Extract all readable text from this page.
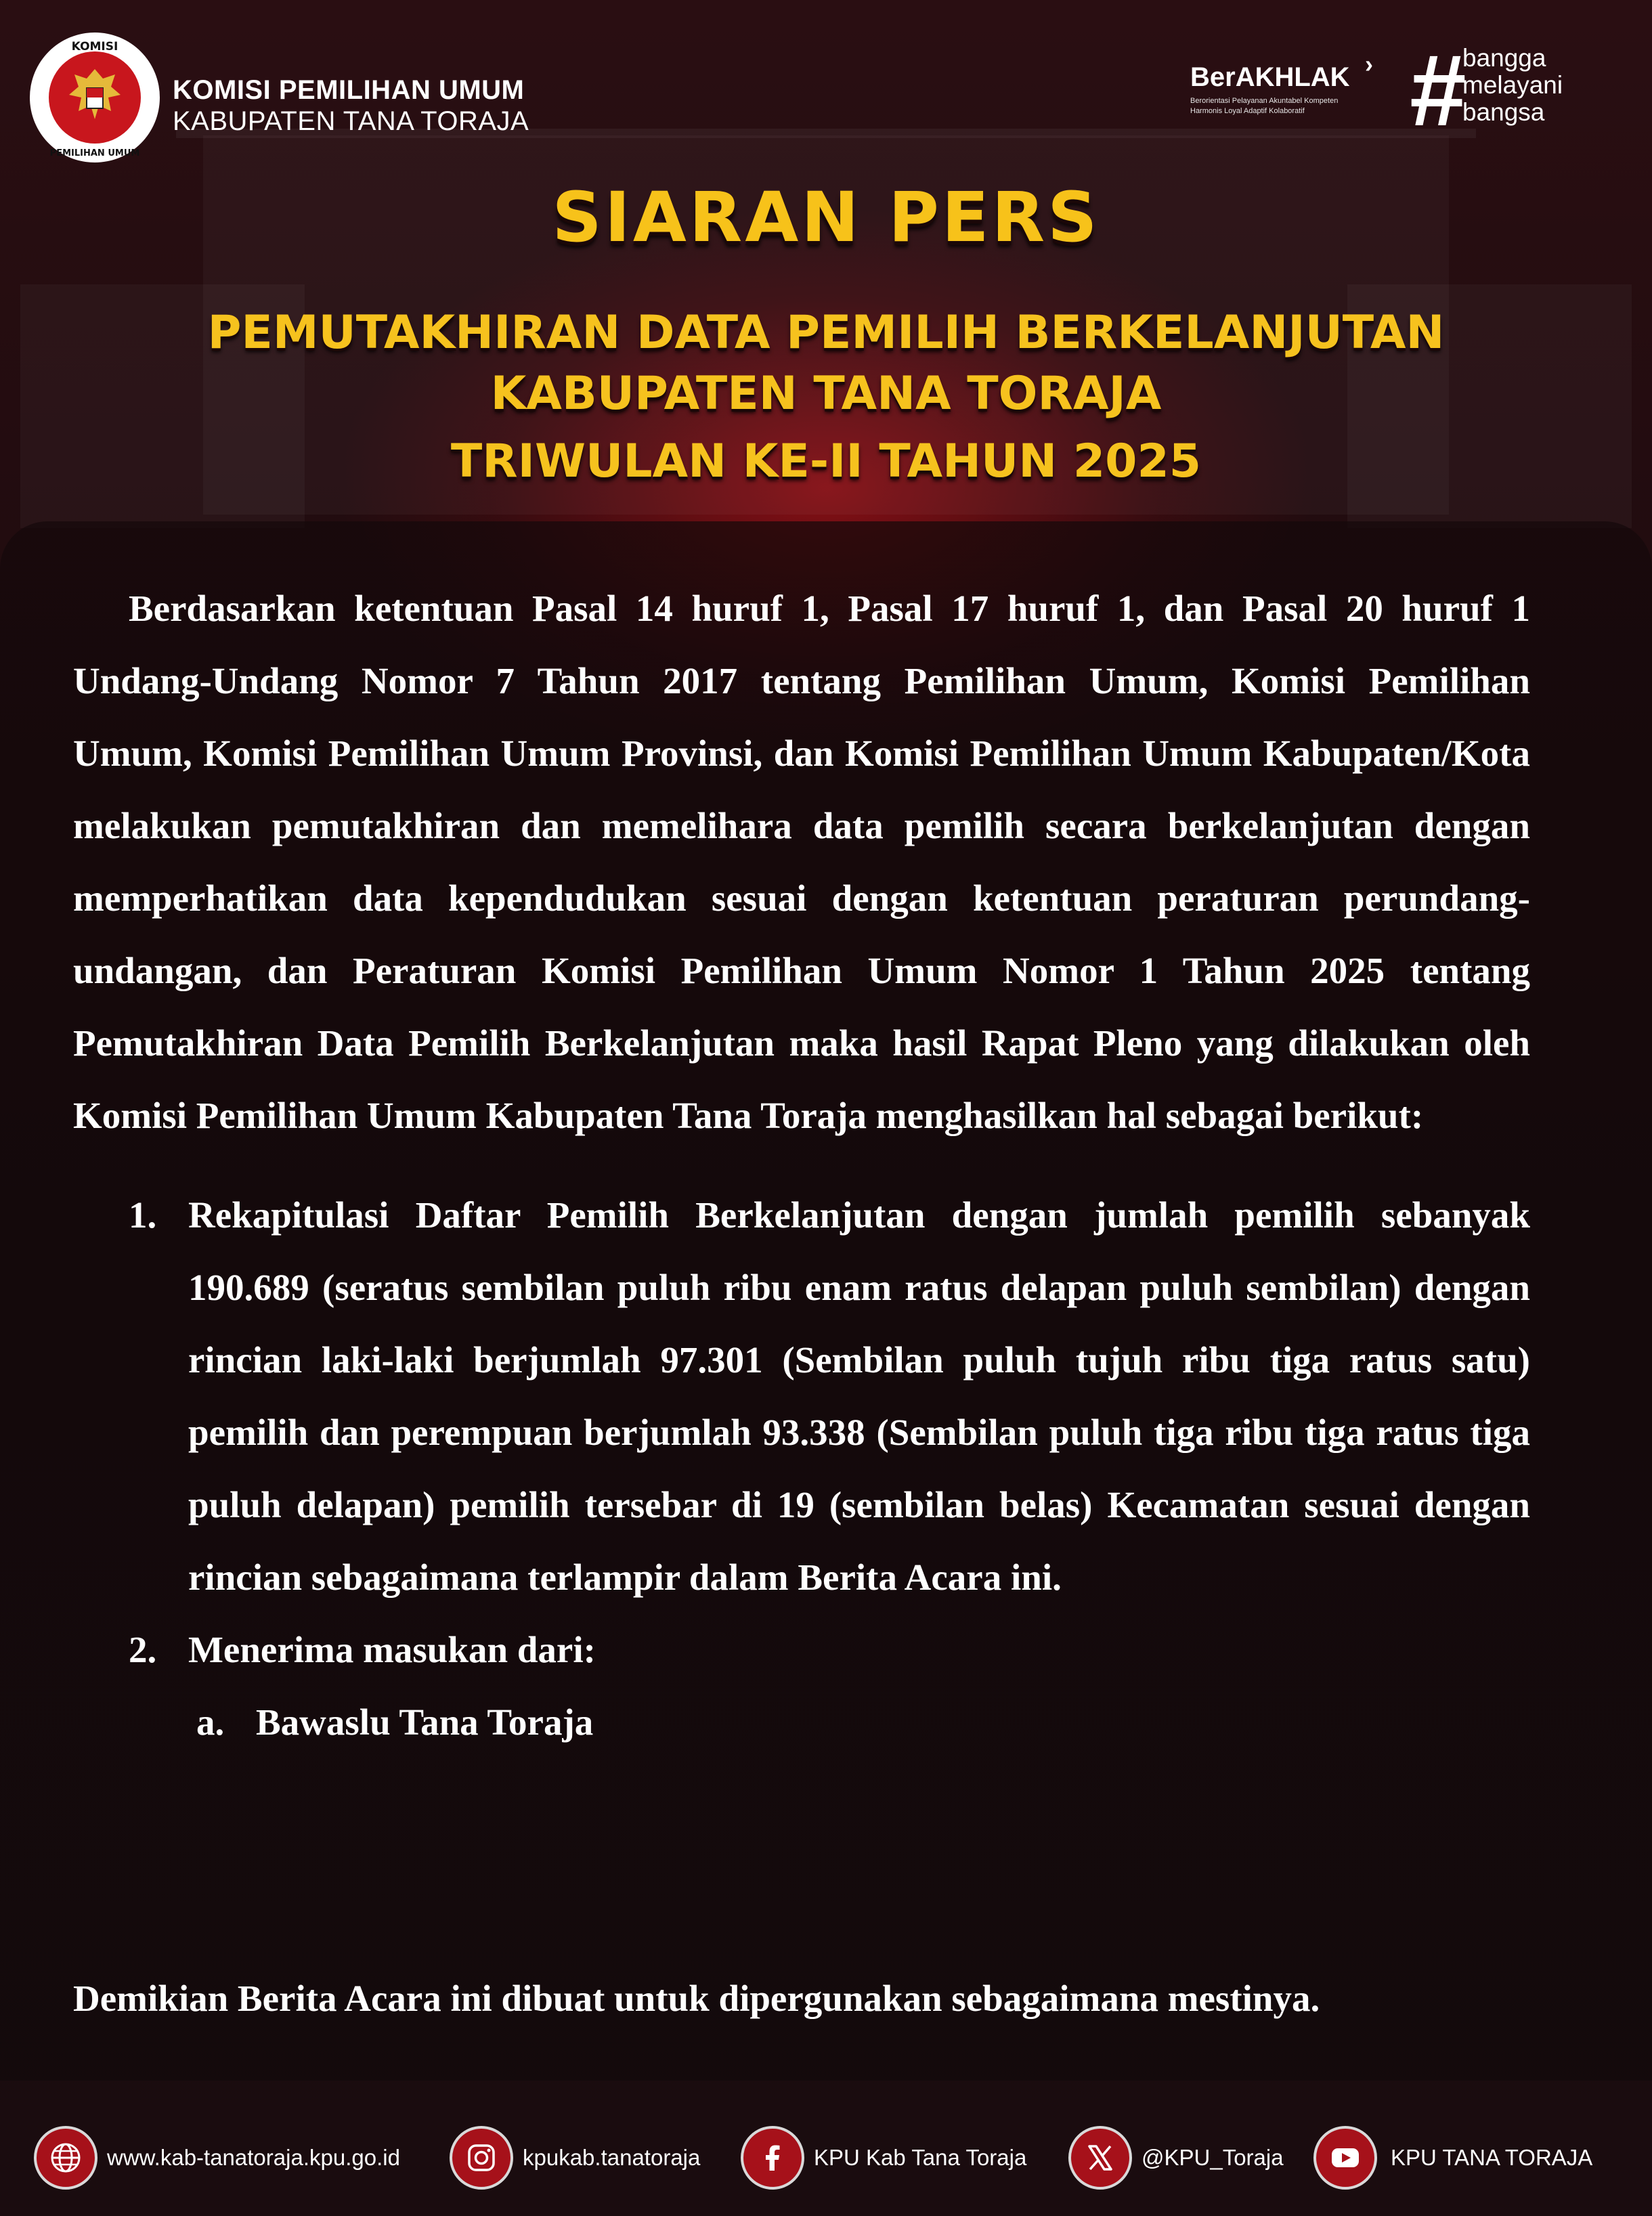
KOMISI
PEMILIHAN UMUM
KOMISI PEMILIHAN UMUM
KABUPATEN TANA TORAJA
BerAKHLAK ›
Berorientasi Pelayanan Akuntabel Kompeten
Harmonis Loyal Adaptif Kolaboratif	#
bangga
melayani
bangsa
SIARAN PERS
PEMUTAKHIRAN DATA PEMILIH BERKELANJUTAN
KABUPATEN TANA TORAJA
TRIWULAN KE-II TAHUN 2025

Berdasarkan ketentuan Pasal 14 huruf 1, Pasal 17 huruf 1, dan Pasal 20 huruf 1 Undang-Undang Nomor 7 Tahun 2017 tentang Pemilihan Umum, Komisi Pemilihan Umum, Komisi Pemilihan Umum Provinsi, dan Komisi Pemilihan Umum Kabupaten/Kota melakukan pemutakhiran dan memelihara data pemilih secara berkelanjutan dengan memperhatikan data kependudukan sesuai dengan ketentuan peraturan perundang-undangan, dan Peraturan Komisi Pemilihan Umum Nomor 1 Tahun 2025 tentang Pemutakhiran Data Pemilih Berkelanjutan maka hasil Rapat Pleno yang dilakukan oleh Komisi Pemilihan Umum Kabupaten Tana Toraja menghasilkan hal sebagai berikut:

1. Rekapitulasi Daftar Pemilih Berkelanjutan dengan jumlah pemilih sebanyak 190.689 (seratus sembilan puluh ribu enam ratus delapan puluh sembilan) dengan rincian laki-laki berjumlah 97.301 (Sembilan puluh tujuh ribu tiga ratus satu) pemilih dan perempuan berjumlah 93.338 (Sembilan puluh tiga ribu tiga ratus tiga puluh delapan) pemilih tersebar di 19 (sembilan belas) Kecamatan sesuai dengan rincian sebagaimana terlampir dalam Berita Acara ini.
2. Menerima masukan dari:
a. Bawaslu Tana Toraja
Demikian Berita Acara ini dibuat untuk dipergunakan sebagaimana mestinya.
www.kab-tanatoraja.kpu.go.id	kpukab.tanatoraja	KPU Kab Tana Toraja	@KPU_Toraja	KPU TANA TORAJA
